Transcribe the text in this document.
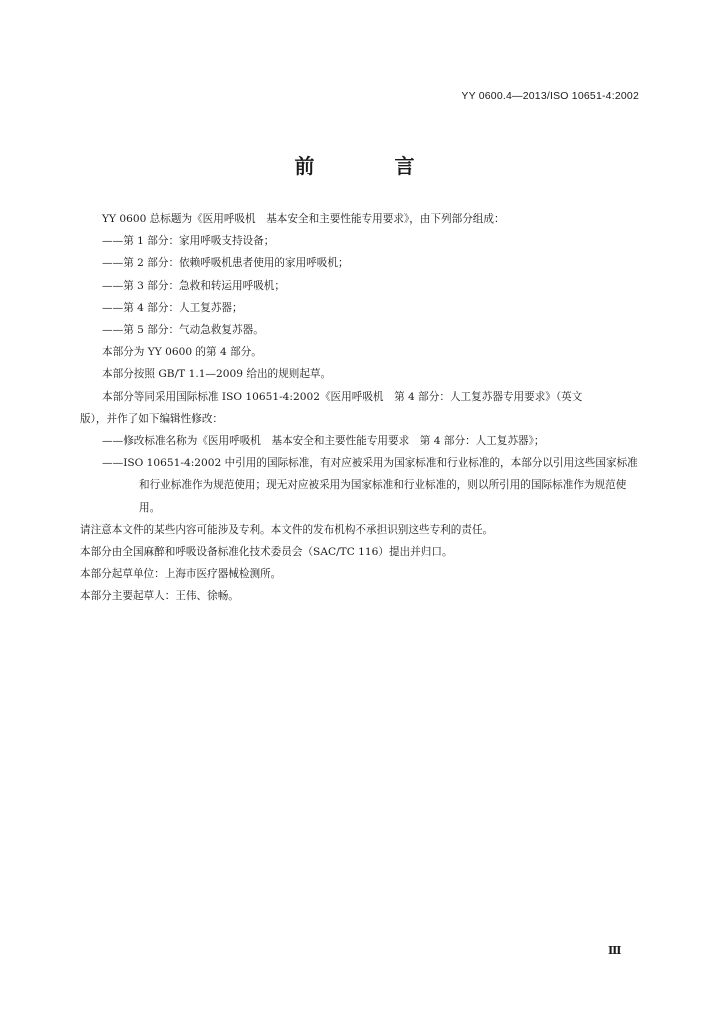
YY 0600.4—2013/ISO 10651-4:2002
前　言
YY 0600 总标题为《医用呼吸机　基本安全和主要性能专用要求》，由下列部分组成：
——第 1 部分：家用呼吸支持设备；
——第 2 部分：依赖呼吸机患者使用的家用呼吸机；
——第 3 部分：急救和转运用呼吸机；
——第 4 部分：人工复苏器；
——第 5 部分：气动急救复苏器。
本部分为 YY 0600 的第 4 部分。
本部分按照 GB/T 1.1—2009 给出的规则起草。
本部分等同采用国际标准 ISO 10651-4:2002《医用呼吸机　第 4 部分：人工复苏器专用要求》（英文
版），并作了如下编辑性修改：
——修改标准名称为《医用呼吸机　基本安全和主要性能专用要求　第 4 部分：人工复苏器》；
——ISO 10651-4:2002 中引用的国际标准，有对应被采用为国家标准和行业标准的，本部分以引用这些国家标准和行业标准作为规范使用；现无对应被采用为国家标准和行业标准的，则以所引用的国际标准作为规范使用。
请注意本文件的某些内容可能涉及专利。本文件的发布机构不承担识别这些专利的责任。
本部分由全国麻醉和呼吸设备标准化技术委员会（SAC/TC 116）提出并归口。
本部分起草单位：上海市医疗器械检测所。
本部分主要起草人：王伟、徐畅。
Ⅲ
